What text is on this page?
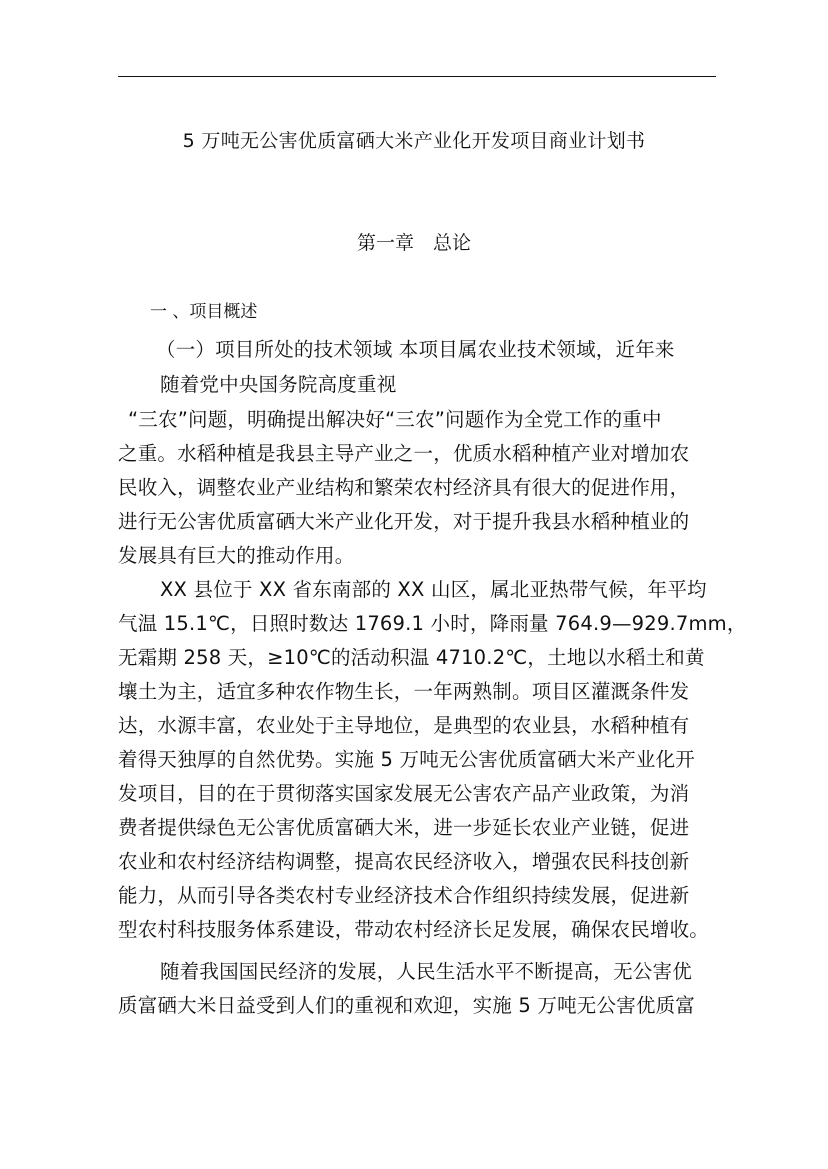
5 万吨无公害优质富硒大米产业化开发项目商业计划书
第一章　总论
一 、项目概述
（一）项目所处的技术领域 本项目属农业技术领域，近年来
随着党中央国务院高度重视
“三农”问题，明确提出解决好“三农”问题作为全党工作的重中
之重。水稻种植是我县主导产业之一，优质水稻种植产业对增加农
民收入，调整农业产业结构和繁荣农村经济具有很大的促进作用，
进行无公害优质富硒大米产业化开发，对于提升我县水稻种植业的
发展具有巨大的推动作用。
XX 县位于 XX 省东南部的 XX 山区，属北亚热带气候，年平均
气温 15.1℃，日照时数达 1769.1 小时，降雨量 764.9—929.7mm，
无霜期 258 天，≥10℃的活动积温 4710.2℃，土地以水稻土和黄
壤土为主，适宜多种农作物生长，一年两熟制。项目区灌溉条件发
达，水源丰富，农业处于主导地位，是典型的农业县，水稻种植有
着得天独厚的自然优势。实施 5 万吨无公害优质富硒大米产业化开
发项目，目的在于贯彻落实国家发展无公害农产品产业政策，为消
费者提供绿色无公害优质富硒大米，进一步延长农业产业链，促进
农业和农村经济结构调整，提高农民经济收入，增强农民科技创新
能力，从而引导各类农村专业经济技术合作组织持续发展，促进新
型农村科技服务体系建设，带动农村经济长足发展，确保农民增收。
随着我国国民经济的发展，人民生活水平不断提高，无公害优
质富硒大米日益受到人们的重视和欢迎，实施 5 万吨无公害优质富
